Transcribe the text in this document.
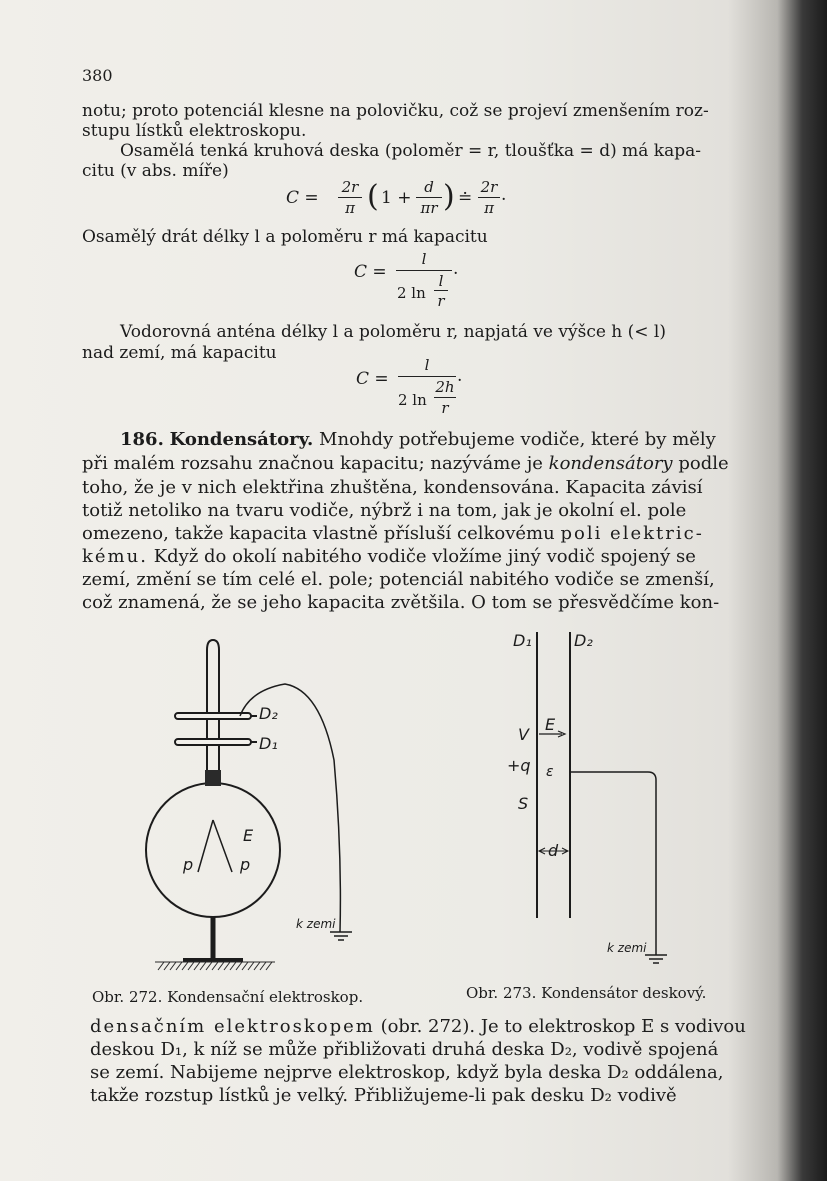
380
notu; proto potenciál klesne na polovičku, což se projeví zmenšením roz-
stupu lístků elektroskopu.
Osamělá tenká kruhová deska (poloměr = r, tloušťka = d) má kapa-
citu (v abs. míře)
C =
2r
π ( 1 +
d
πr ) ≐
2r
π
.
Osamělý drát délky l a poloměru r má kapacitu
C =
l
2 ln
l
r
.
Vodorovná anténa délky l a poloměru r, napjatá ve výšce h (< l)
nad zemí, má kapacitu
C =
l
2 ln
2h
r
.
186. Kondensátory. Mnohdy potřebujeme vodiče, které by měly
při malém rozsahu značnou kapacitu; nazýváme je kondensátory podle
toho, že je v nich elektřina zhuštěna, kondensována. Kapacita závisí
totiž netoliko na tvaru vodiče, nýbrž i na tom, jak je okolní el. pole
omezeno, takže kapacita vlastně přísluší celkovému poli elektric-
kému. Když do okolí nabitého vodiče vložíme jiný vodič spojený se
zemí, změní se tím celé el. pole; potenciál nabitého vodiče se zmenší,
což znamená, že se jeho kapacita zvětšila. O tom se přesvědčíme kon-
D₂
D₁
E
p	p
k zemi
D₁	D₂
E
V
+q ε
S
d
k zemi
Obr. 272. Kondensační elektroskop.	Obr. 273. Kondensátor deskový.
densačním elektroskopem (obr. 272). Je to elektroskop E s vodivou
deskou D₁, k níž se může přibližovati druhá deska D₂, vodivě spojená
se zemí. Nabijeme nejprve elektroskop, když byla deska D₂ oddálena,
takže rozstup lístků je velký. Přibližujeme-li pak desku D₂ vodivě
